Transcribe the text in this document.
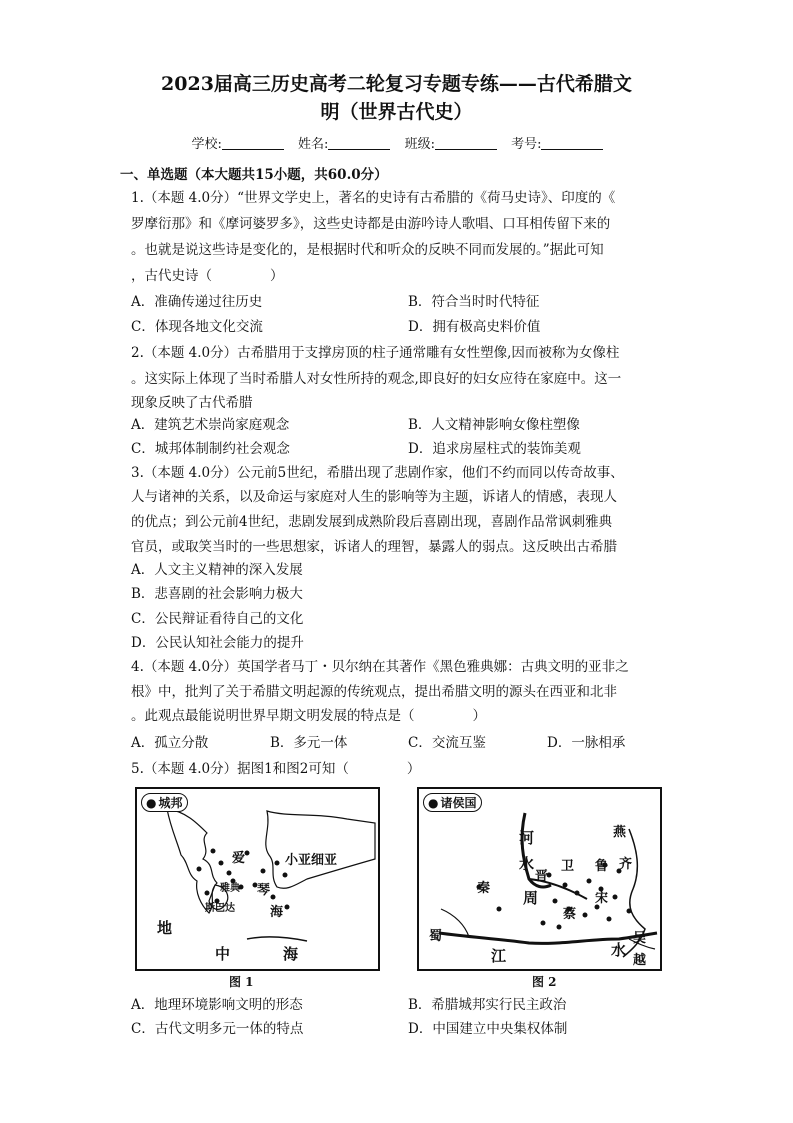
2023届高三历史高考二轮复习专题专练——古代希腊文
明（世界古代史）
学校:	姓名:	班级:	考号:
一、单选题（本大题共15小题，共60.0分）
1.（本题 4.0分）“世界文学史上，著名的史诗有古希腊的《荷马史诗》、印度的《
罗摩衍那》和《摩诃婆罗多》，这些史诗都是由游吟诗人歌唱、口耳相传留下来的
。也就是说这些诗是变化的，是根据时代和听众的反映不同而发展的。”据此可知
，古代史诗（	）
A．准确传递过往历史	B．符合当时时代特征
C．体现各地文化交流	D．拥有极高史料价值
2.（本题 4.0分）古希腊用于支撑房顶的柱子通常雕有女性塑像,因而被称为女像柱
。这实际上体现了当时希腊人对女性所持的观念,即良好的妇女应待在家庭中。这一
现象反映了古代希腊
A．建筑艺术崇尚家庭观念	B．人文精神影响女像柱塑像
C．城邦体制制约社会观念	D．追求房屋柱式的装饰美观
3.（本题 4.0分）公元前5世纪，希腊出现了悲剧作家，他们不约而同以传奇故事、
人与诸神的关系，以及命运与家庭对人生的影响等为主题，诉诸人的情感，表现人
的优点；到公元前4世纪，悲剧发展到成熟阶段后喜剧出现，喜剧作品常讽刺雅典
官员，或取笑当时的一些思想家，诉诸人的理智，暴露人的弱点。这反映出古希腊
A．人文主义精神的深入发展
B．悲喜剧的社会影响力极大
C．公民辩证看待自己的文化
D．公民认知社会能力的提升
4.（本题 4.0分）英国学者马丁・贝尔纳在其著作《黑色雅典娜：古典文明的亚非之
根》中，批判了关于希腊文明起源的传统观点，提出希腊文明的源头在西亚和北非
。此观点最能说明世界早期文明发展的特点是（	）
A．孤立分散	B．多元一体	C．交流互鉴	D．一脉相承
5.（本题 4.0分）据图1和图2可知（	）
● 城邦
爱	小亚细亚
雅典 琴
斯巴达	海
地
中	海
图 1
● 诸侯国
河
水
燕
晋
卫 鲁 齐
秦
周	宋
蔡
蜀
江	水
吴
越
图 2
A．地理环境影响文明的形态	B．希腊城邦实行民主政治
C．古代文明多元一体的特点	D．中国建立中央集权体制
